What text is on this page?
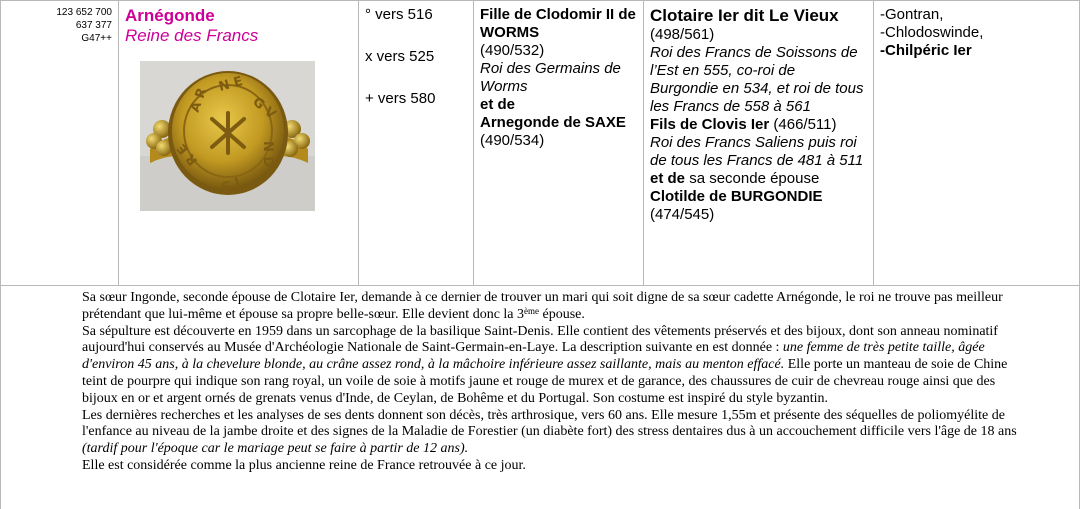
123 652 700
637 377
G47++
Arnégonde
Reine des Francs
A R
N E
G V
N D
I S
R E
° vers 516
x vers 525
+ vers 580
Fille de Clodomir II de WORMS
(490/532)
Roi des Germains de Worms
et de
Arnegonde de SAXE
(490/534)
Clotaire Ier dit Le Vieux
(498/561)
Roi des Francs de Soissons de l’Est en 555, co-roi de Burgondie en 534, et roi de tous les Francs de 558 à 561
Fils de Clovis Ier (466/511)
Roi des Francs Saliens puis roi de tous les Francs de 481 à 511
et de sa seconde épouse
Clotilde de BURGONDIE
(474/545)
-Gontran,
-Chlodoswinde,
-Chilpéric Ier

Sa sœur Ingonde, seconde épouse de Clotaire Ier, demande à ce dernier de trouver un mari qui soit digne de sa sœur cadette Arnégonde, le roi ne trouve pas meilleur prétendant que lui-même et épouse sa propre belle-sœur. Elle devient donc la 3ème épouse.

Sa sépulture est découverte en 1959 dans un sarcophage de la basilique Saint-Denis. Elle contient des vêtements préservés et des bijoux, dont son anneau nominatif aujourd'hui conservés au Musée d'Archéologie Nationale de Saint-Germain-en-Laye. La description suivante en est donnée : une femme de très petite taille, âgée d'environ 45 ans, à la chevelure blonde, au crâne assez rond, à la mâchoire inférieure assez saillante, mais au menton effacé. Elle porte un manteau de soie de Chine teint de pourpre qui indique son rang royal, un voile de soie à motifs jaune et rouge de murex et de garance, des chaussures de cuir de chevreau rouge ainsi que des bijoux en or et argent ornés de grenats venus d'Inde, de Ceylan, de Bohême et du Portugal. Son costume est inspiré du style byzantin.

Les dernières recherches et les analyses de ses dents donnent son décès, très arthrosique, vers 60 ans. Elle mesure 1,55m et présente des séquelles de poliomyélite de l'enfance au niveau de la jambe droite et des signes de la Maladie de Forestier (un diabète fort) des stress dentaires dus à un accouchement difficile vers l'âge de 18 ans (tardif pour l'époque car le mariage peut se faire à partir de 12 ans).

Elle est considérée comme la plus ancienne reine de France retrouvée à ce jour.
